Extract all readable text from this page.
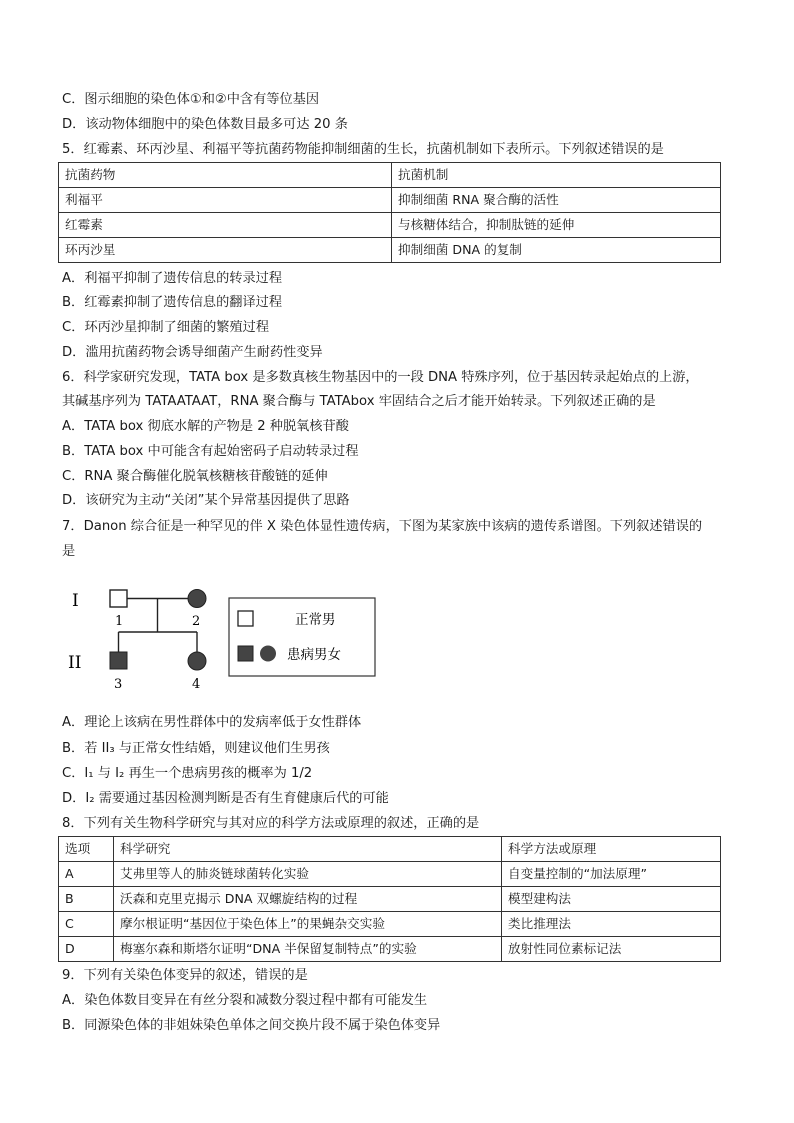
C．图示细胞的染色体①和②中含有等位基因
D．该动物体细胞中的染色体数目最多可达 20 条
5．红霉素、环丙沙星、利福平等抗菌药物能抑制细菌的生长，抗菌机制如下表所示。下列叙述错误的是
抗菌药物	抗菌机制
利福平	抑制细菌 RNA 聚合酶的活性
红霉素	与核糖体结合，抑制肽链的延伸
环丙沙星	抑制细菌 DNA 的复制
A．利福平抑制了遗传信息的转录过程
B．红霉素抑制了遗传信息的翻译过程
C．环丙沙星抑制了细菌的繁殖过程
D．滥用抗菌药物会诱导细菌产生耐药性变异
6．科学家研究发现，TATA box 是多数真核生物基因中的一段 DNA 特殊序列，位于基因转录起始点的上游，
其碱基序列为 TATAATAAT，RNA 聚合酶与 TATAbox 牢固结合之后才能开始转录。下列叙述正确的是
A．TATA box 彻底水解的产物是 2 种脱氧核苷酸
B．TATA box 中可能含有起始密码子启动转录过程
C．RNA 聚合酶催化脱氧核糖核苷酸链的延伸
D．该研究为主动“关闭”某个异常基因提供了思路
7．Danon 综合征是一种罕见的伴 X 染色体显性遗传病，下图为某家族中该病的遗传系谱图。下列叙述错误的
是
I
II
1	2
3	4
正常男
患病男女
A．理论上该病在男性群体中的发病率低于女性群体
B．若 II₃ 与正常女性结婚，则建议他们生男孩
C．I₁ 与 I₂ 再生一个患病男孩的概率为 1/2
D．I₂ 需要通过基因检测判断是否有生育健康后代的可能
8．下列有关生物科学研究与其对应的科学方法或原理的叙述，正确的是
选项	科学研究	科学方法或原理
A	艾弗里等人的肺炎链球菌转化实验	自变量控制的“加法原理”
B	沃森和克里克揭示 DNA 双螺旋结构的过程	模型建构法
C	摩尔根证明“基因位于染色体上”的果蝇杂交实验	类比推理法
D	梅塞尔森和斯塔尔证明“DNA 半保留复制特点”的实验	放射性同位素标记法
9．下列有关染色体变异的叙述，错误的是
A．染色体数目变异在有丝分裂和减数分裂过程中都有可能发生
B．同源染色体的非姐妹染色单体之间交换片段不属于染色体变异
